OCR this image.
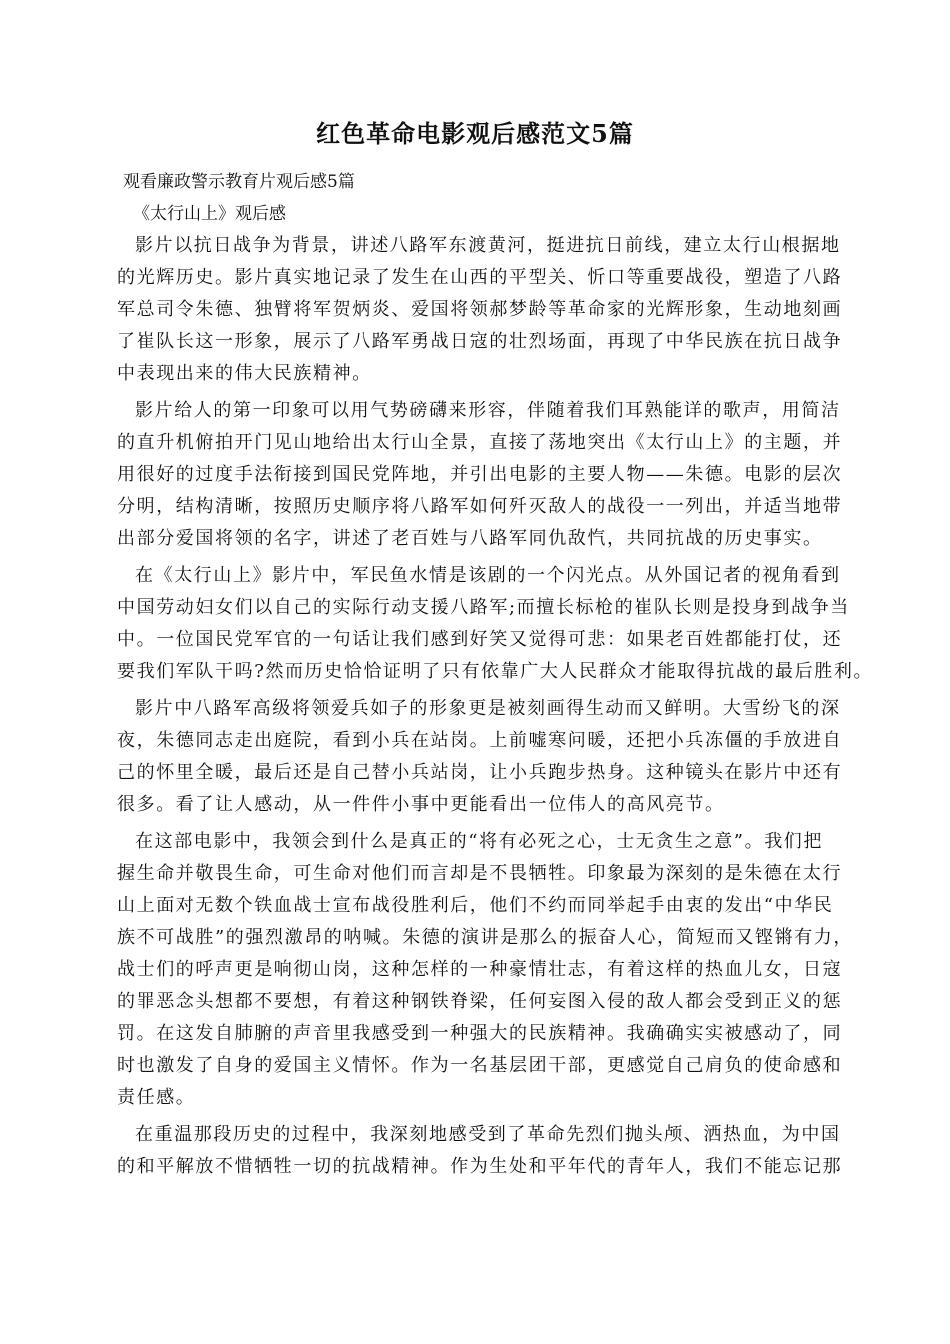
红色革命电影观后感范文5篇
观看廉政警示教育片观后感5篇
《太行山上》观后感
影片以抗日战争为背景，讲述八路军东渡黄河，挺进抗日前线，建立太行山根据地
的光辉历史。影片真实地记录了发生在山西的平型关、忻口等重要战役，塑造了八路
军总司令朱德、独臂将军贺炳炎、爱国将领郝梦龄等革命家的光辉形象，生动地刻画
了崔队长这一形象，展示了八路军勇战日寇的壮烈场面，再现了中华民族在抗日战争
中表现出来的伟大民族精神。
影片给人的第一印象可以用气势磅礴来形容，伴随着我们耳熟能详的歌声，用简洁
的直升机俯拍开门见山地给出太行山全景，直接了荡地突出《太行山上》的主题，并
用很好的过度手法衔接到国民党阵地，并引出电影的主要人物——朱德。电影的层次
分明，结构清晰，按照历史顺序将八路军如何歼灭敌人的战役一一列出，并适当地带
出部分爱国将领的名字，讲述了老百姓与八路军同仇敌忾，共同抗战的历史事实。
在《太行山上》影片中，军民鱼水情是该剧的一个闪光点。从外国记者的视角看到
中国劳动妇女们以自己的实际行动支援八路军;而擅长标枪的崔队长则是投身到战争当
中。一位国民党军官的一句话让我们感到好笑又觉得可悲：如果老百姓都能打仗，还
要我们军队干吗?然而历史恰恰证明了只有依靠广大人民群众才能取得抗战的最后胜利。
影片中八路军高级将领爱兵如子的形象更是被刻画得生动而又鲜明。大雪纷飞的深
夜，朱德同志走出庭院，看到小兵在站岗。上前嘘寒问暖，还把小兵冻僵的手放进自
己的怀里全暖，最后还是自己替小兵站岗，让小兵跑步热身。这种镜头在影片中还有
很多。看了让人感动，从一件件小事中更能看出一位伟人的高风亮节。
在这部电影中，我领会到什么是真正的“将有必死之心，士无贪生之意”。我们把
握生命并敬畏生命，可生命对他们而言却是不畏牺牲。印象最为深刻的是朱德在太行
山上面对无数个铁血战士宣布战役胜利后，他们不约而同举起手由衷的发出“中华民
族不可战胜”的强烈激昂的呐喊。朱德的演讲是那么的振奋人心，简短而又铿锵有力，
战士们的呼声更是响彻山岗，这种怎样的一种豪情壮志，有着这样的热血儿女，日寇
的罪恶念头想都不要想，有着这种钢铁脊梁，任何妄图入侵的敌人都会受到正义的惩
罚。在这发自肺腑的声音里我感受到一种强大的民族精神。我确确实实被感动了，同
时也激发了自身的爱国主义情怀。作为一名基层团干部，更感觉自己肩负的使命感和
责任感。
在重温那段历史的过程中，我深刻地感受到了革命先烈们抛头颅、洒热血，为中国
的和平解放不惜牺牲一切的抗战精神。作为生处和平年代的青年人，我们不能忘记那
